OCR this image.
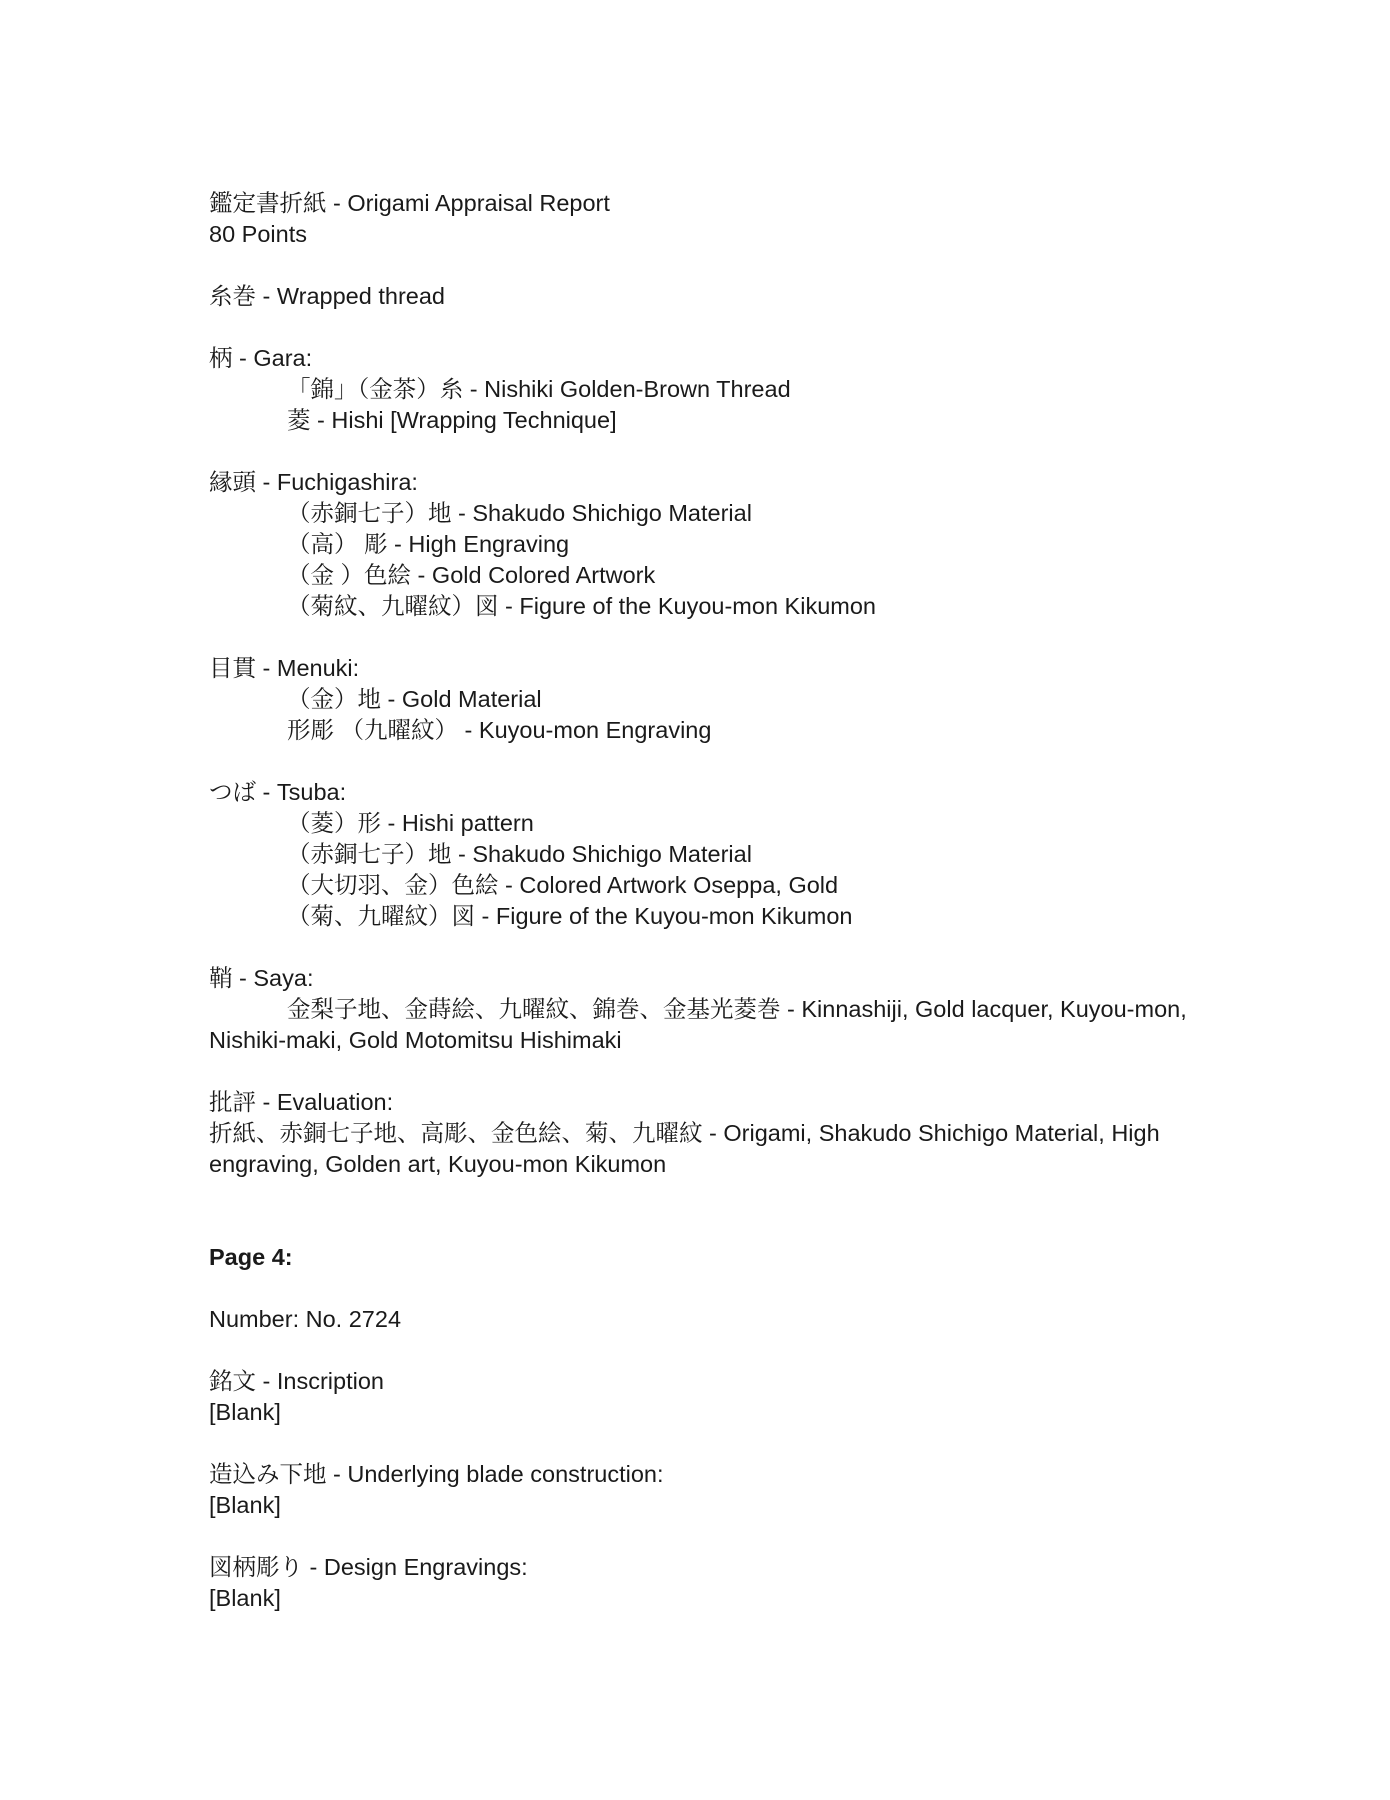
鑑定書折紙 - Origami Appraisal Report
80 Points
糸巻 - Wrapped thread
柄 - Gara:
「錦」（金茶）糸 - Nishiki Golden-Brown Thread
菱 - Hishi [Wrapping Technique]
縁頭 - Fuchigashira:
（赤銅七子）地 - Shakudo Shichigo Material
（高） 彫 - High Engraving
（金 ）色絵 - Gold Colored Artwork
（菊紋、九曜紋）図 - Figure of the Kuyou-mon Kikumon
目貫 - Menuki:
（金）地 - Gold Material
形彫 （九曜紋） - Kuyou-mon Engraving
つば - Tsuba:
（菱）形 - Hishi pattern
（赤銅七子）地 - Shakudo Shichigo Material
（大切羽、金）色絵 - Colored Artwork Oseppa, Gold
（菊、九曜紋）図 - Figure of the Kuyou-mon Kikumon
鞘 - Saya:
金梨子地、金蒔絵、九曜紋、錦巻、金基光菱巻 - Kinnashiji, Gold lacquer, Kuyou-mon, Nishiki-maki, Gold Motomitsu Hishimaki
批評 - Evaluation:
折紙、赤銅七子地、高彫、金色絵、菊、九曜紋 - Origami, Shakudo Shichigo Material, High engraving, Golden art, Kuyou-mon Kikumon
Page 4:
Number: No. 2724
銘文 - Inscription
[Blank]
造込み下地 - Underlying blade construction:
[Blank]
図柄彫り - Design Engravings:
[Blank]
